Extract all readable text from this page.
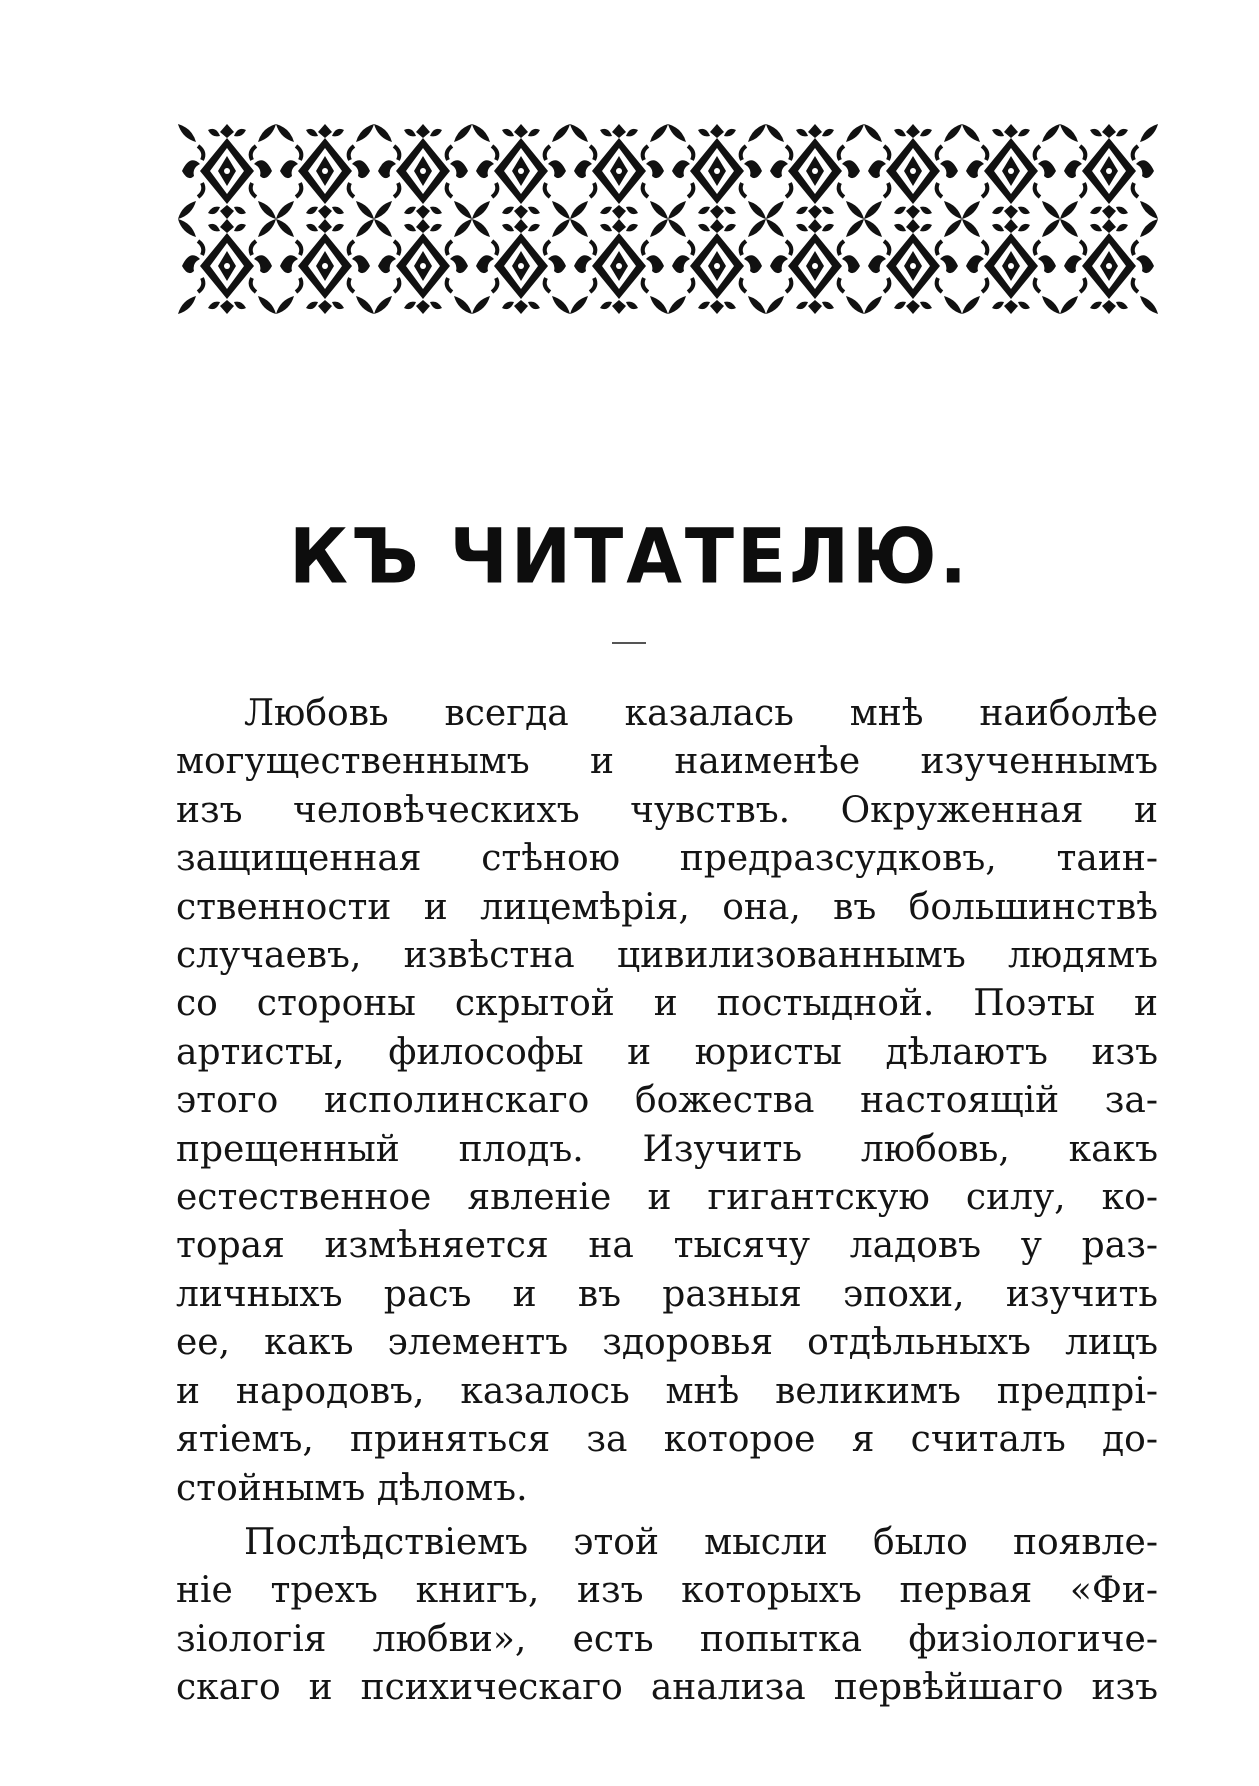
КЪ ЧИТАТЕЛЮ.

Любовь всегда казалась мнѣ наиболѣе
могущественнымъ и наименѣе изученнымъ
изъ человѣческихъ чувствъ. Окруженная и
защищенная стѣною предразсудковъ, таин-
ственности и лицемѣрія, она, въ большинствѣ
случаевъ, извѣстна цивилизованнымъ людямъ
со стороны скрытой и постыдной. Поэты и
артисты, философы и юристы дѣлаютъ изъ
этого исполинскаго божества настоящій за-
прещенный плодъ. Изучить любовь, какъ
естественное явленіе и гигантскую силу, ко-
торая измѣняется на тысячу ладовъ у раз-
личныхъ расъ и въ разныя эпохи, изучить
ее, какъ элементъ здоровья отдѣльныхъ лицъ
и народовъ, казалось мнѣ великимъ предпрі-
ятіемъ, приняться за которое я считалъ до-
стойнымъ дѣломъ.

Послѣдствіемъ этой мысли было появле-
ніе трехъ книгъ, изъ которыхъ первая «Фи-
зіологія любви», есть попытка физіологиче-
скаго и психическаго анализа первѣйшаго изъ
